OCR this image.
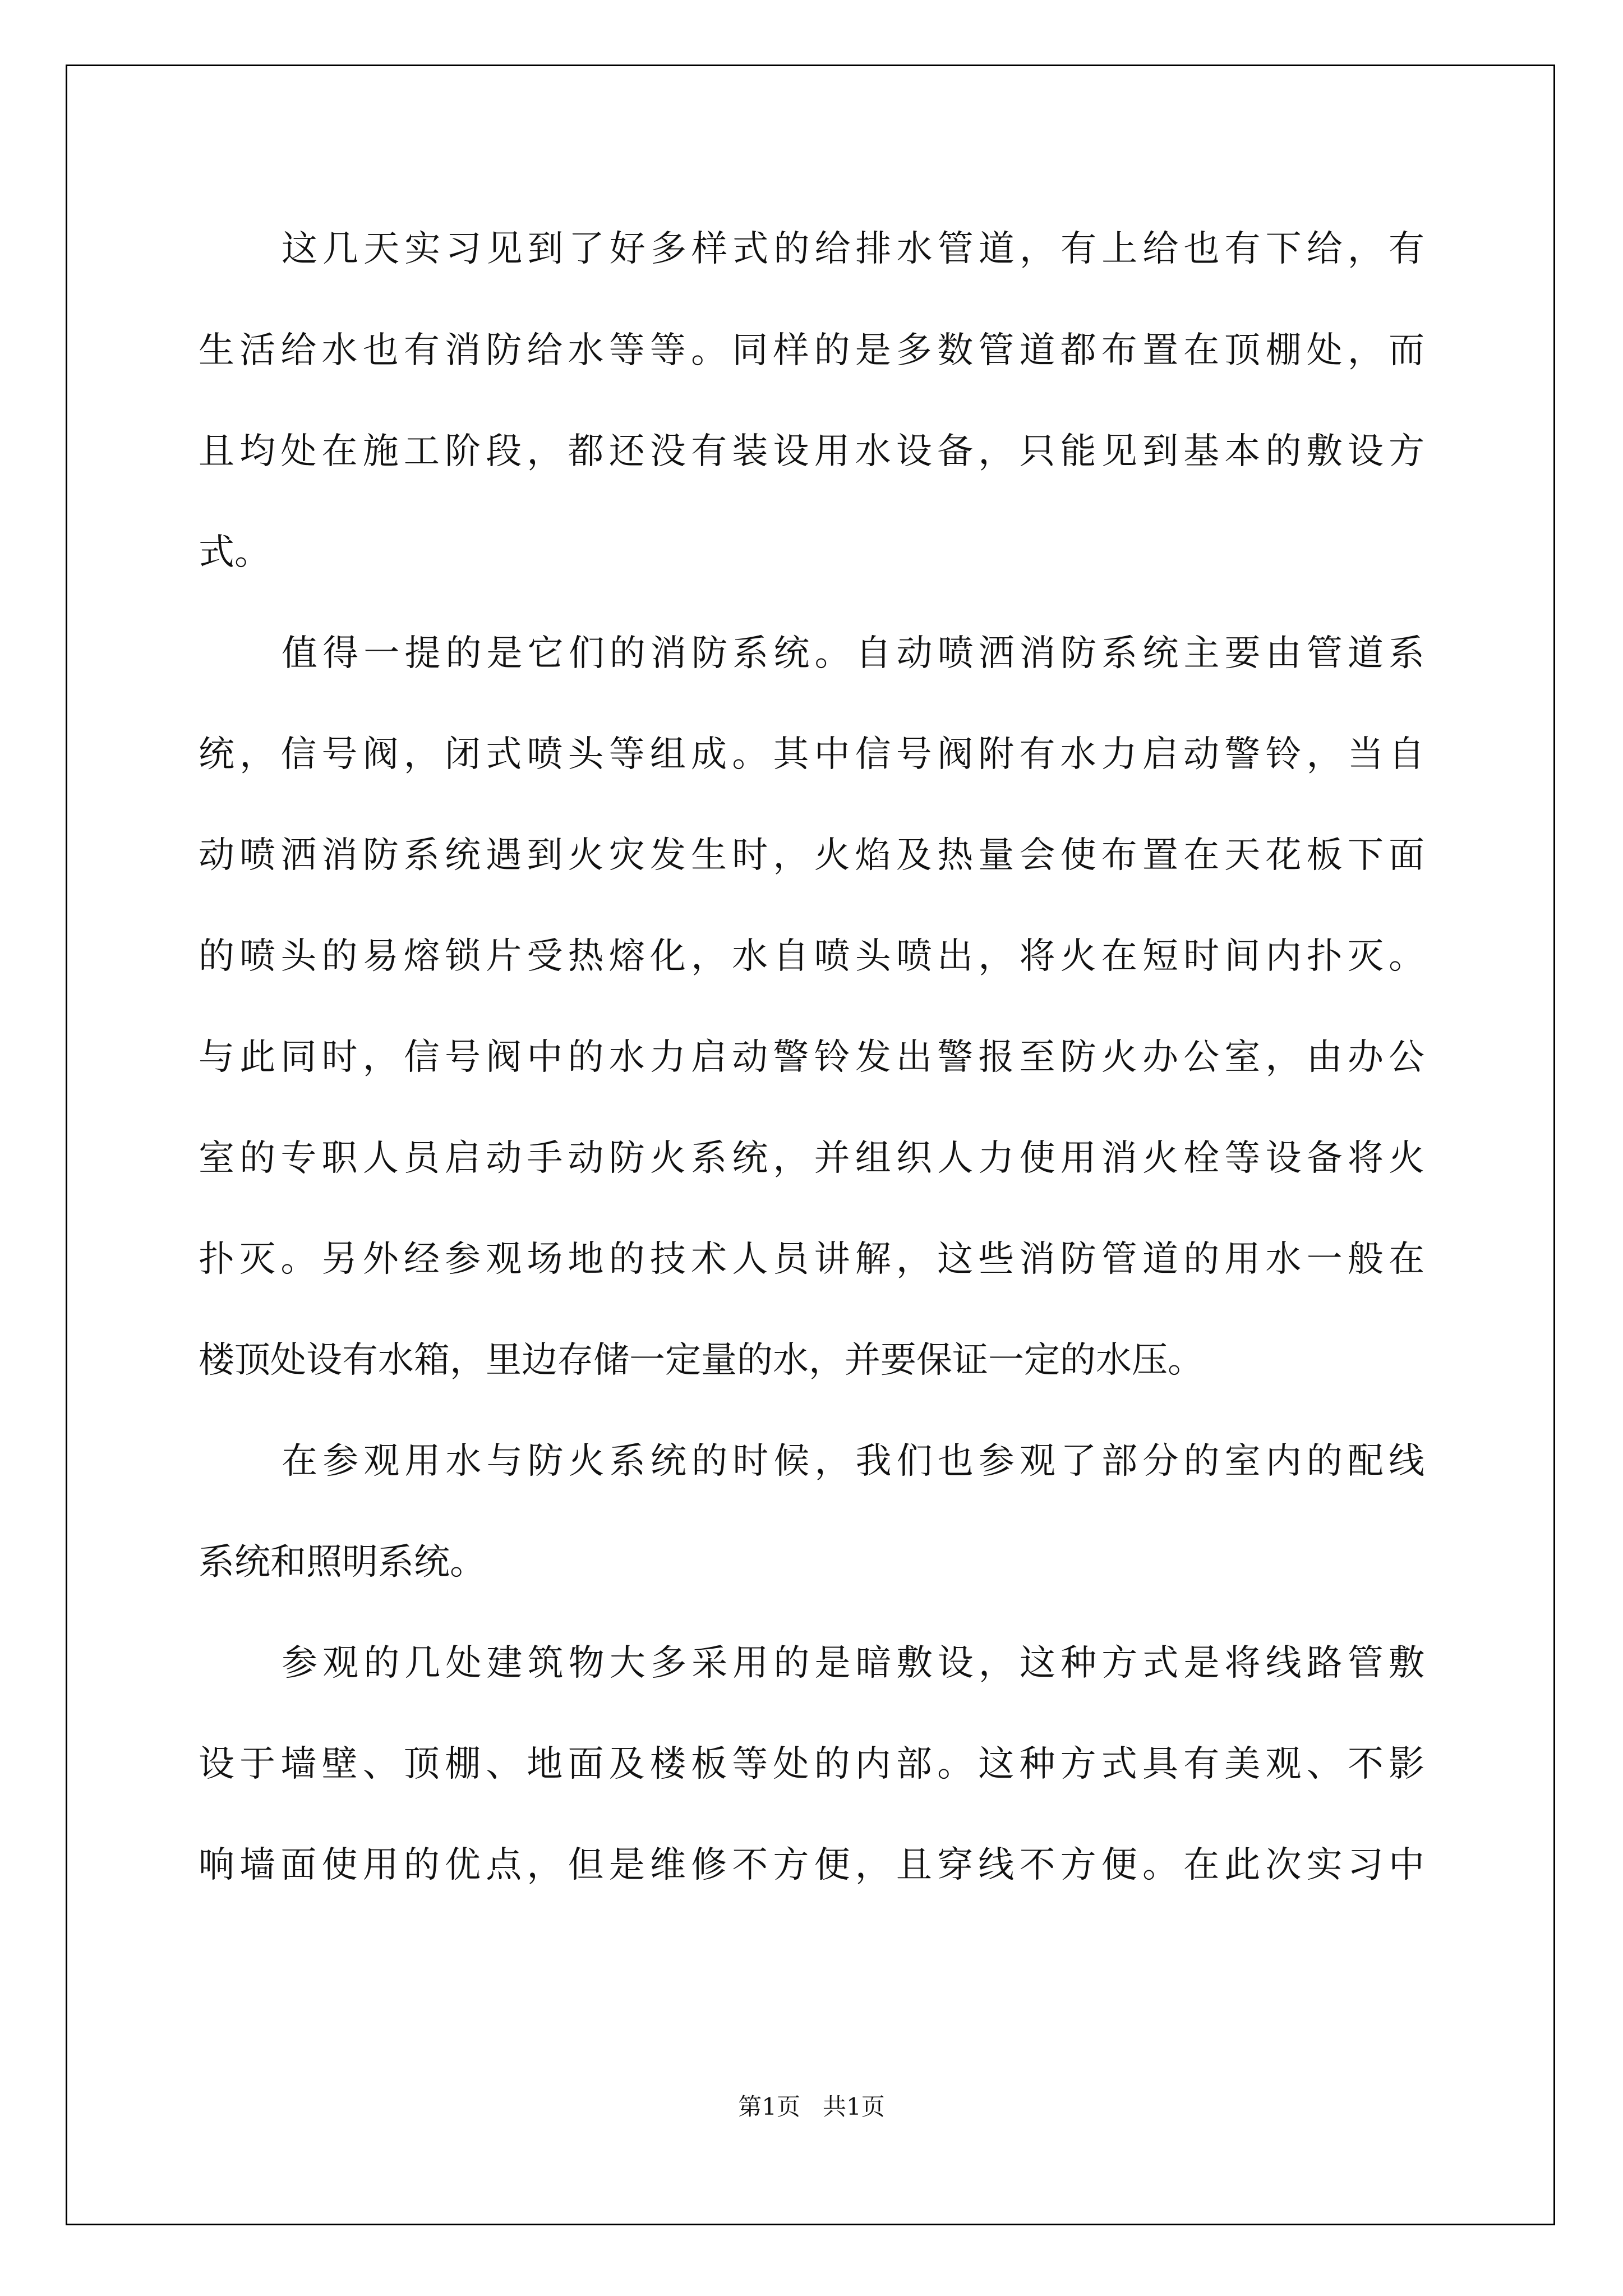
这几天实习见到了好多样式的给排水管道，有上给也有下给，有
生活给水也有消防给水等等。同样的是多数管道都布置在顶棚处，而
且均处在施工阶段，都还没有装设用水设备，只能见到基本的敷设方
式。
值得一提的是它们的消防系统。自动喷洒消防系统主要由管道系
统，信号阀，闭式喷头等组成。其中信号阀附有水力启动警铃，当自
动喷洒消防系统遇到火灾发生时，火焰及热量会使布置在天花板下面
的喷头的易熔锁片受热熔化，水自喷头喷出，将火在短时间内扑灭。
与此同时，信号阀中的水力启动警铃发出警报至防火办公室，由办公
室的专职人员启动手动防火系统，并组织人力使用消火栓等设备将火
扑灭。另外经参观场地的技术人员讲解，这些消防管道的用水一般在
楼顶处设有水箱，里边存储一定量的水，并要保证一定的水压。
在参观用水与防火系统的时候，我们也参观了部分的室内的配线
系统和照明系统。
参观的几处建筑物大多采用的是暗敷设，这种方式是将线路管敷
设于墙壁、顶棚、地面及楼板等处的内部。这种方式具有美观、不影
响墙面使用的优点，但是维修不方便，且穿线不方便。在此次实习中
第1页   共1页
